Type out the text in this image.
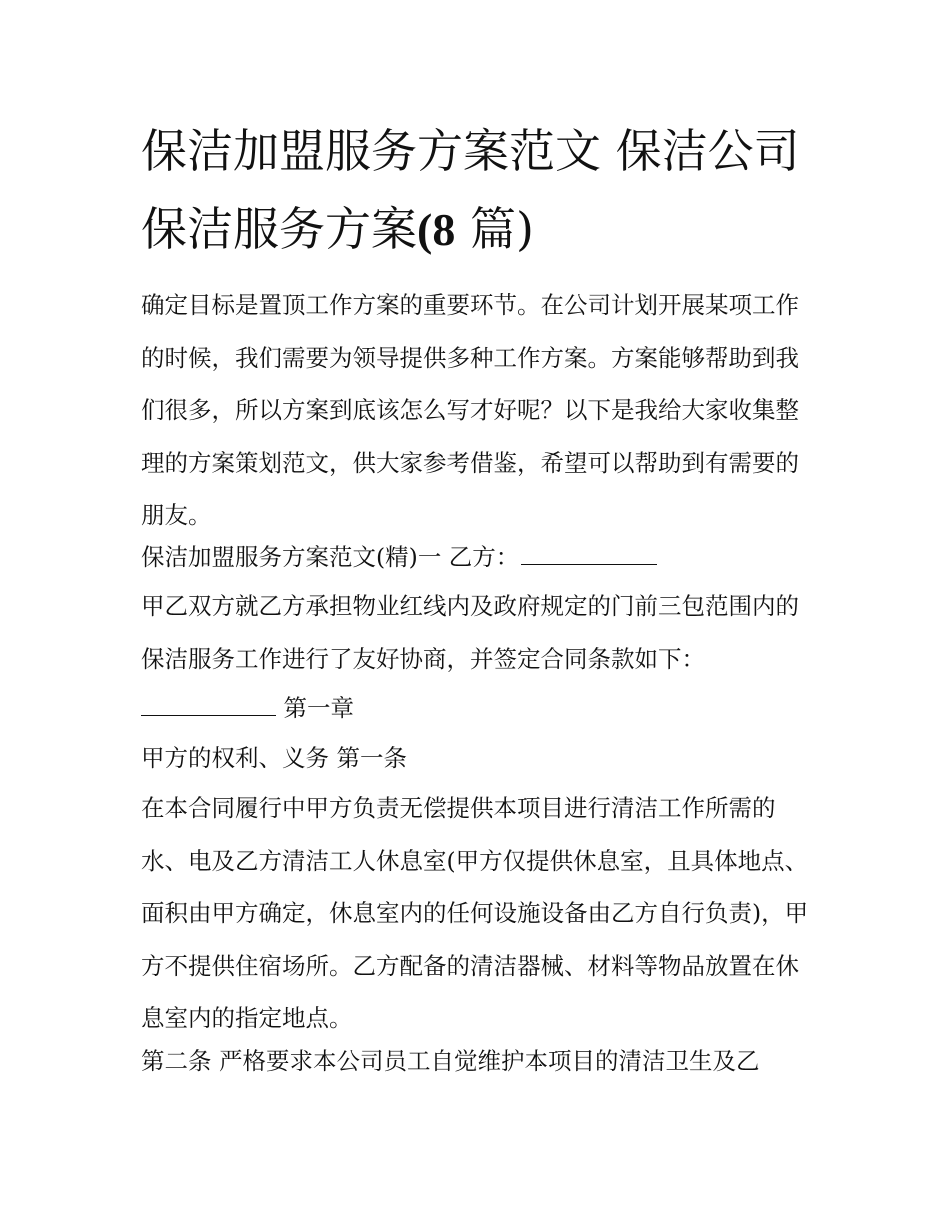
保洁加盟服务方案范文 保洁公司保洁服务方案(8 篇)

确定目标是置顶工作方案的重要环节。在公司计划开展某项工作的时候，我们需要为领导提供多种工作方案。方案能够帮助到我们很多，所以方案到底该怎么写才好呢？以下是我给大家收集整理的方案策划范文，供大家参考借鉴，希望可以帮助到有需要的朋友。

保洁加盟服务方案范文(精)一 乙方：

甲乙双方就乙方承担物业红线内及政府规定的门前三包范围内的保洁服务工作进行了友好协商，并签定合同条款如下：

第一章

甲方的权利、义务 第一条

在本合同履行中甲方负责无偿提供本项目进行清洁工作所需的水、电及乙方清洁工人休息室(甲方仅提供休息室，且具体地点、面积由甲方确定，休息室内的任何设施设备由乙方自行负责)，甲方不提供住宿场所。乙方配备的清洁器械、材料等物品放置在休息室内的指定地点。

第二条 严格要求本公司员工自觉维护本项目的清洁卫生及乙
